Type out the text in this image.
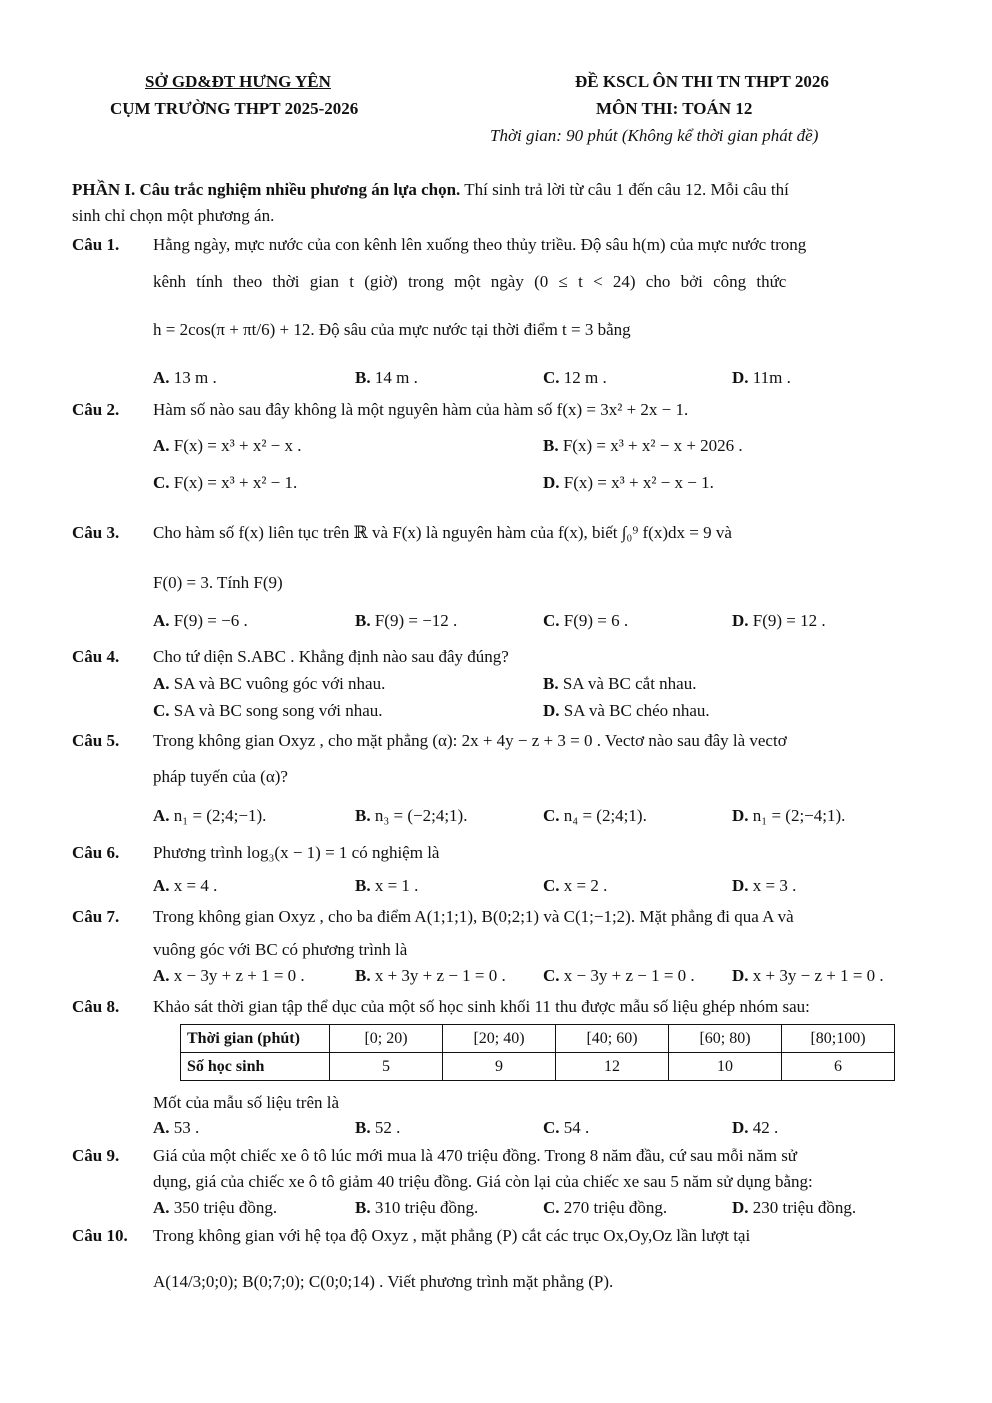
SỞ GD&ĐT HƯNG YÊN
CỤM TRƯỜNG THPT 2025-2026
ĐỀ KSCL ÔN THI TN THPT 2026
MÔN THI: TOÁN 12
Thời gian: 90 phút (Không kể thời gian phát đề)
PHẦN I. Câu trắc nghiệm nhiều phương án lựa chọn. Thí sinh trả lời từ câu 1 đến câu 12. Mỗi câu thí
sinh chỉ chọn một phương án.
Câu 1. Hằng ngày, mực nước của con kênh lên xuống theo thủy triều. Độ sâu h(m) của mực nước trong
kênh tính theo thời gian t (giờ) trong một ngày (0 ≤ t < 24) cho bởi công thức
h = 2cos(π + πt/6) + 12. Độ sâu của mực nước tại thời điểm t = 3 bằng
A. 13 m .	B. 14 m .	C. 12 m .	D. 11m .
Câu 2. Hàm số nào sau đây không là một nguyên hàm của hàm số f(x) = 3x² + 2x − 1.
A. F(x) = x³ + x² − x .	B. F(x) = x³ + x² − x + 2026 .
C. F(x) = x³ + x² − 1.	D. F(x) = x³ + x² − x − 1.
Câu 3. Cho hàm số f(x) liên tục trên ℝ và F(x) là nguyên hàm của f(x), biết ∫₀⁹ f(x)dx = 9 và
F(0) = 3. Tính F(9)
A. F(9) = −6 .	B. F(9) = −12 .	C. F(9) = 6 .	D. F(9) = 12 .
Câu 4. Cho tứ diện S.ABC . Khẳng định nào sau đây đúng?
A. SA và BC vuông góc với nhau.	B. SA và BC cắt nhau.
C. SA và BC song song với nhau.	D. SA và BC chéo nhau.
Câu 5. Trong không gian Oxyz , cho mặt phẳng (α): 2x + 4y − z + 3 = 0 . Vectơ nào sau đây là vectơ
pháp tuyến của (α)?
A. n₁ = (2;4;−1).	B. n₃ = (−2;4;1).	C. n₄ = (2;4;1).	D. n₁ = (2;−4;1).
Câu 6. Phương trình log₃(x − 1) = 1 có nghiệm là
A. x = 4 .	B. x = 1 .	C. x = 2 .	D. x = 3 .
Câu 7. Trong không gian Oxyz , cho ba điểm A(1;1;1), B(0;2;1) và C(1;−1;2). Mặt phẳng đi qua A và
vuông góc với BC có phương trình là
A. x − 3y + z + 1 = 0 .	B. x + 3y + z − 1 = 0 . C. x − 3y + z − 1 = 0 . D. x + 3y − z + 1 = 0 .
Câu 8. Khảo sát thời gian tập thể dục của một số học sinh khối 11 thu được mẫu số liệu ghép nhóm sau:
Thời gian (phút)	[0; 20)	[20; 40)	[40; 60)	[60; 80)	[80;100)
Số học sinh	5	9	12	10	6
Mốt của mẫu số liệu trên là
A. 53 .	B. 52 .	C. 54 .	D. 42 .
Câu 9. Giá của một chiếc xe ô tô lúc mới mua là 470 triệu đồng. Trong 8 năm đầu, cứ sau mỗi năm sử
dụng, giá của chiếc xe ô tô giảm 40 triệu đồng. Giá còn lại của chiếc xe sau 5 năm sử dụng bằng:
A. 350 triệu đồng.	B. 310 triệu đồng.	C. 270 triệu đồng.	D. 230 triệu đồng.
Câu 10. Trong không gian với hệ tọa độ Oxyz , mặt phẳng (P) cắt các trục Ox,Oy,Oz lần lượt tại
A(14/3;0;0); B(0;7;0); C(0;0;14) . Viết phương trình mặt phẳng (P).
